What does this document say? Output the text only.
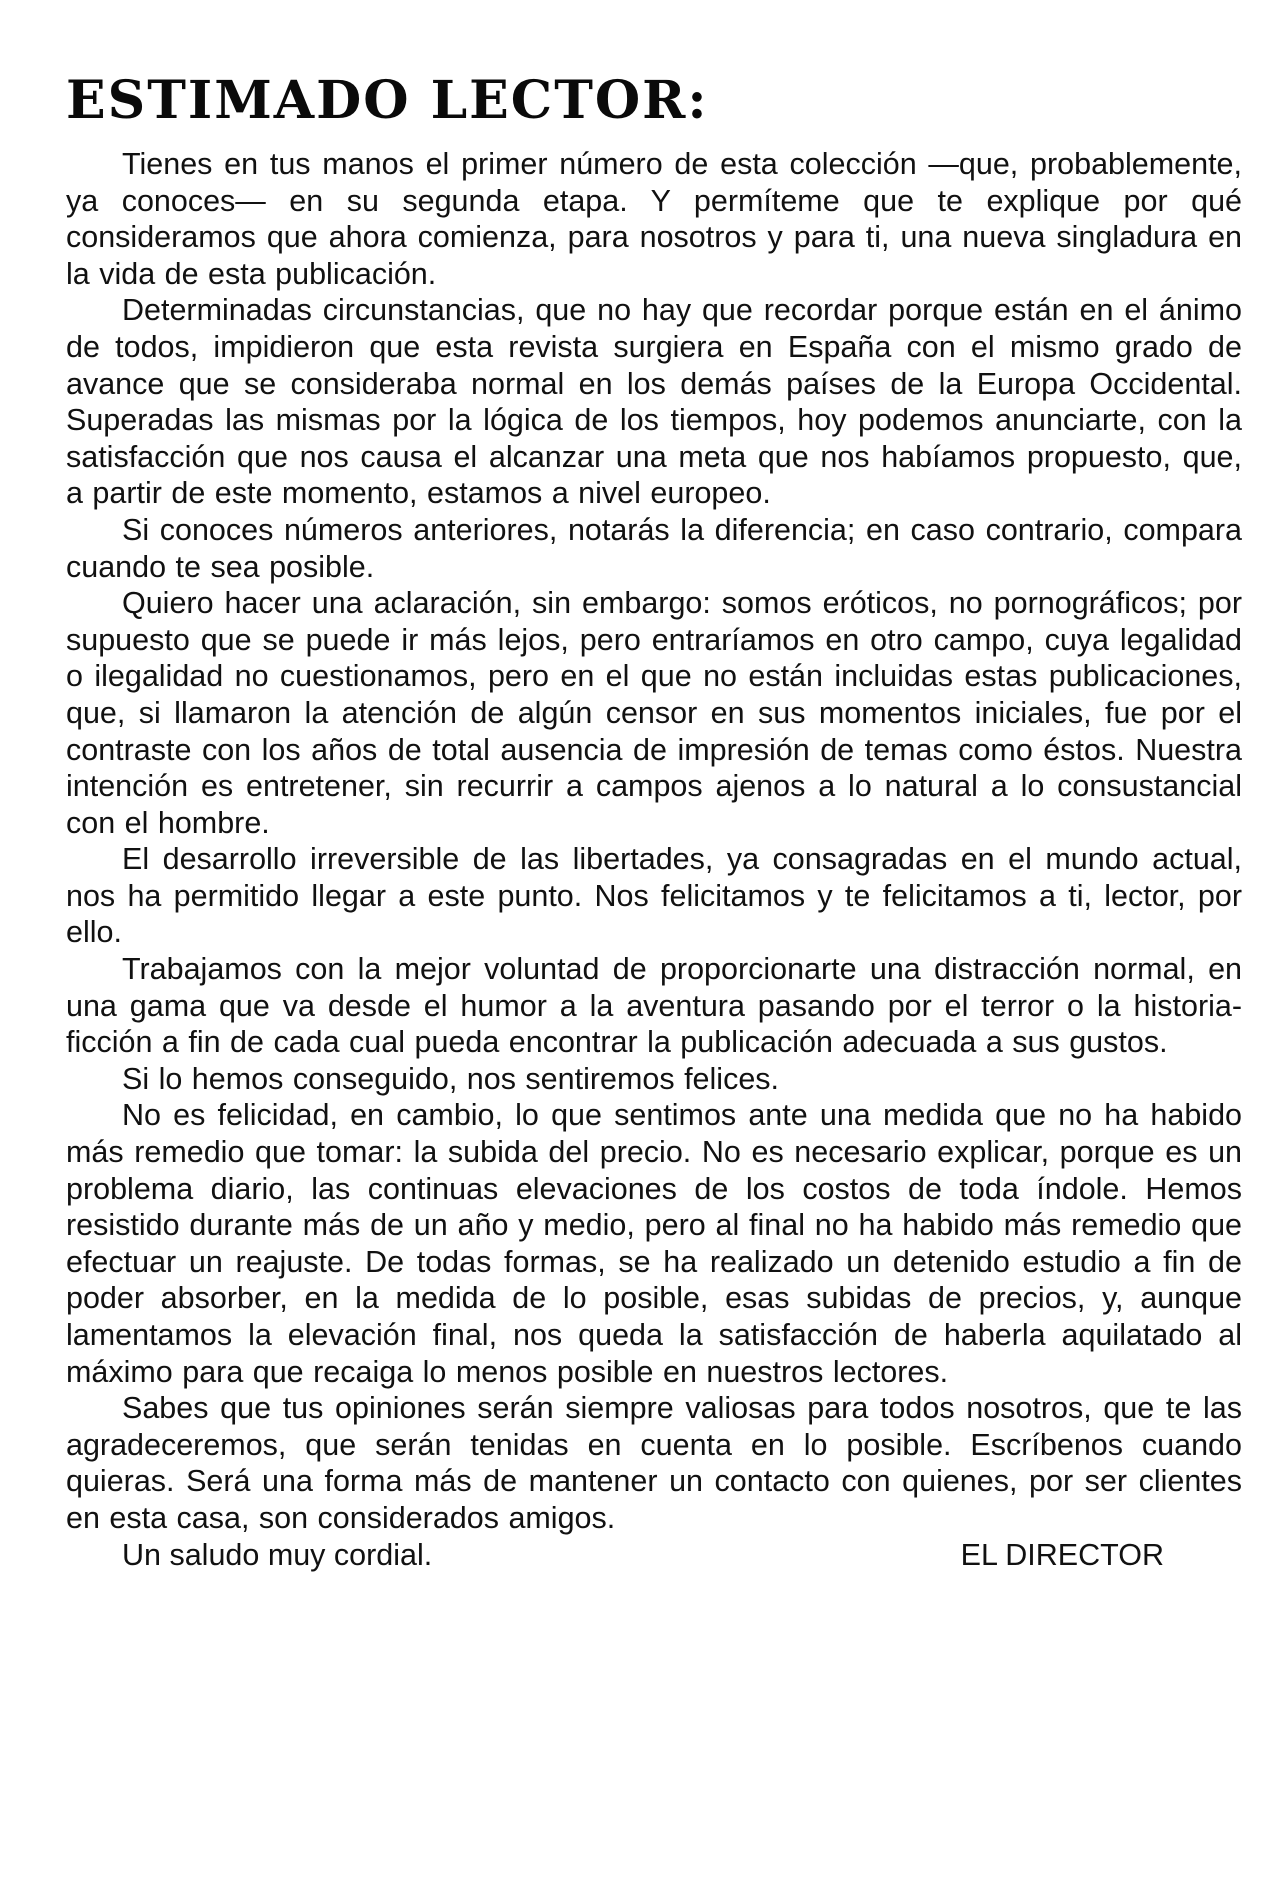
ESTIMADO LECTOR:

Tienes en tus manos el primer número de esta colección —que, probablemente, ya conoces— en su segunda etapa. Y permíteme que te explique por qué consideramos que ahora comienza, para nosotros y para ti, una nueva singladura en la vida de esta publicación.

Determinadas circunstancias, que no hay que recordar porque están en el ánimo de todos, impidieron que esta revista surgiera en España con el mismo grado de avance que se consideraba normal en los demás países de la Europa Occidental. Superadas las mismas por la lógica de los tiempos, hoy podemos anunciarte, con la satisfacción que nos causa el alcanzar una meta que nos habíamos propuesto, que, a partir de este momento, estamos a nivel europeo.

Si conoces números anteriores, notarás la diferencia; en caso contrario, compara cuando te sea posible.

Quiero hacer una aclaración, sin embargo: somos eróticos, no pornográficos; por supuesto que se puede ir más lejos, pero entraríamos en otro campo, cuya legalidad o ilegalidad no cuestionamos, pero en el que no están incluidas estas publicaciones, que, si llamaron la atención de algún censor en sus momentos iniciales, fue por el contraste con los años de total ausencia de impresión de temas como éstos. Nuestra intención es entretener, sin recurrir a campos ajenos a lo natural a lo consustancial con el hombre.

El desarrollo irreversible de las libertades, ya consagradas en el mundo actual, nos ha permitido llegar a este punto. Nos felicitamos y te felicitamos a ti, lector, por ello.

Trabajamos con la mejor voluntad de proporcionarte una distracción normal, en una gama que va desde el humor a la aventura pasando por el terror o la historia-ficción a fin de cada cual pueda encontrar la publicación adecuada a sus gustos.

Si lo hemos conseguido, nos sentiremos felices.

No es felicidad, en cambio, lo que sentimos ante una medida que no ha habido más remedio que tomar: la subida del precio. No es necesario explicar, porque es un problema diario, las continuas elevaciones de los costos de toda índole. Hemos resistido durante más de un año y medio, pero al final no ha habido más remedio que efectuar un reajuste. De todas formas, se ha realizado un detenido estudio a fin de poder absorber, en la medida de lo posible, esas subidas de precios, y, aunque lamentamos la elevación final, nos queda la satisfacción de haberla aquilatado al máximo para que recaiga lo menos posible en nuestros lectores.

Sabes que tus opiniones serán siempre valiosas para todos nosotros, que te las agradeceremos, que serán tenidas en cuenta en lo posible. Escríbenos cuando quieras. Será una forma más de mantener un contacto con quienes, por ser clientes en esta casa, son considerados amigos.

Un saludo muy cordial.	EL DIRECTOR
